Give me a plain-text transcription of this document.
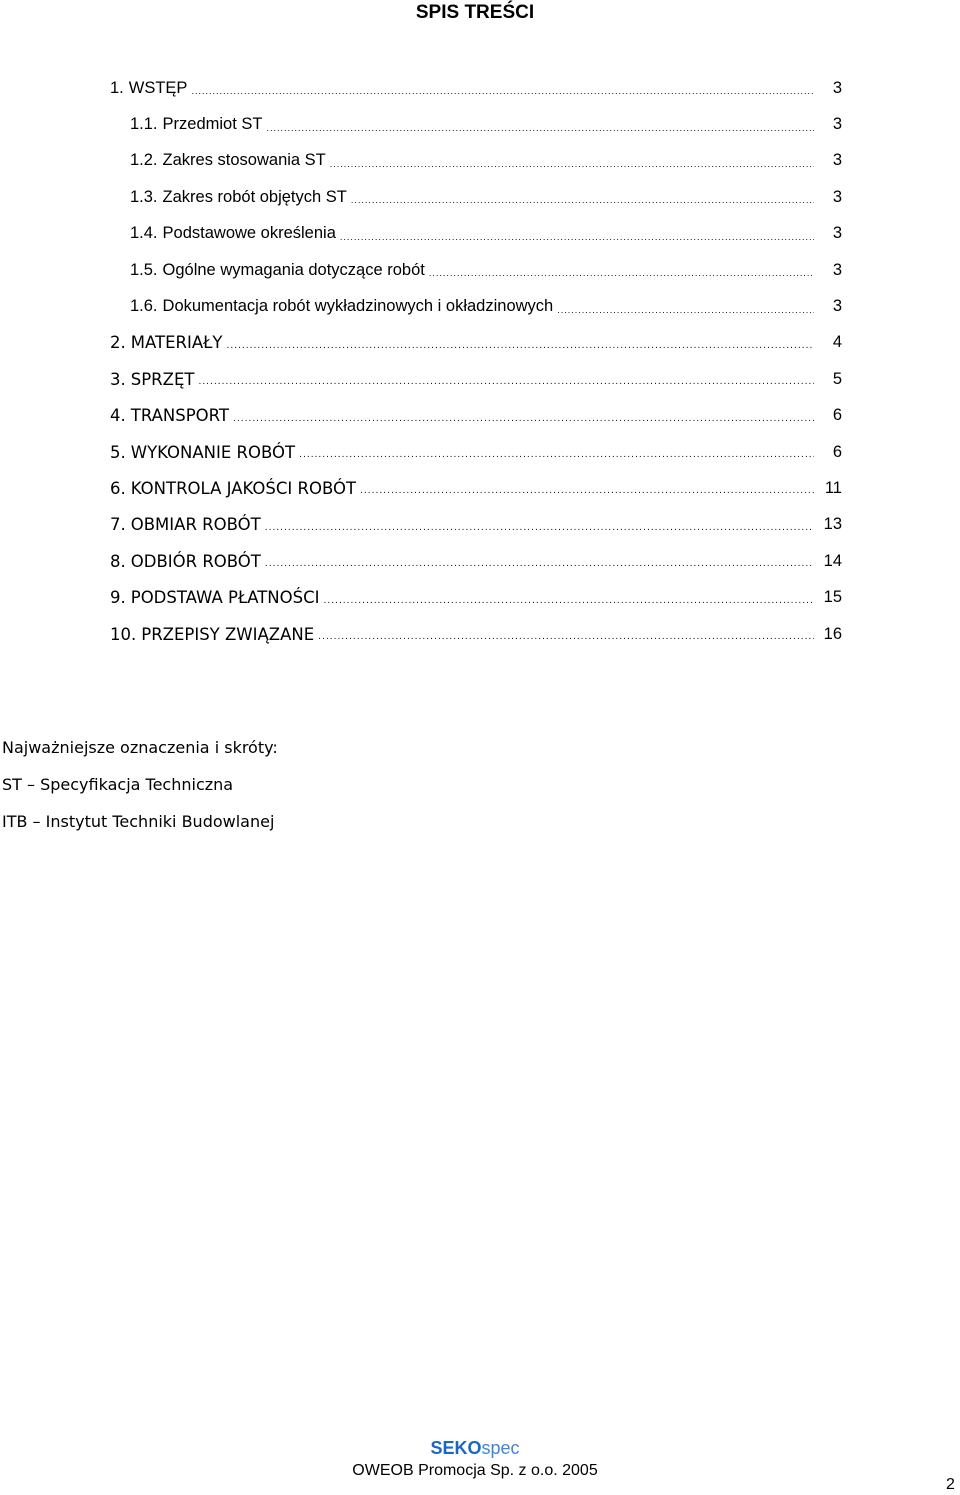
SPIS TREŚCI
1. WSTĘP .....	3
1.1. Przedmiot ST .....	3
1.2. Zakres stosowania ST .....	3
1.3. Zakres robót objętych ST .....	3
1.4. Podstawowe określenia .....	3
1.5. Ogólne wymagania dotyczące robót .....	3
1.6. Dokumentacja robót wykładzinowych i okładzinowych .....	3
2. MATERIAŁY .....	4
3. SPRZĘT .....	5
4. TRANSPORT .....	6
5. WYKONANIE ROBÓT .....	6
6. KONTROLA JAKOŚCI ROBÓT .....	11
7. OBMIAR ROBÓT .....	13
8. ODBIÓR ROBÓT .....	14
9. PODSTAWA PŁATNOŚCI .....	15
10. PRZEPISY ZWIĄZANE .....	16
Najważniejsze oznaczenia i skróty:
ST – Specyfikacja Techniczna
ITB – Instytut Techniki Budowlanej
SEKOspec
OWEOB Promocja Sp. z o.o. 2005
2
